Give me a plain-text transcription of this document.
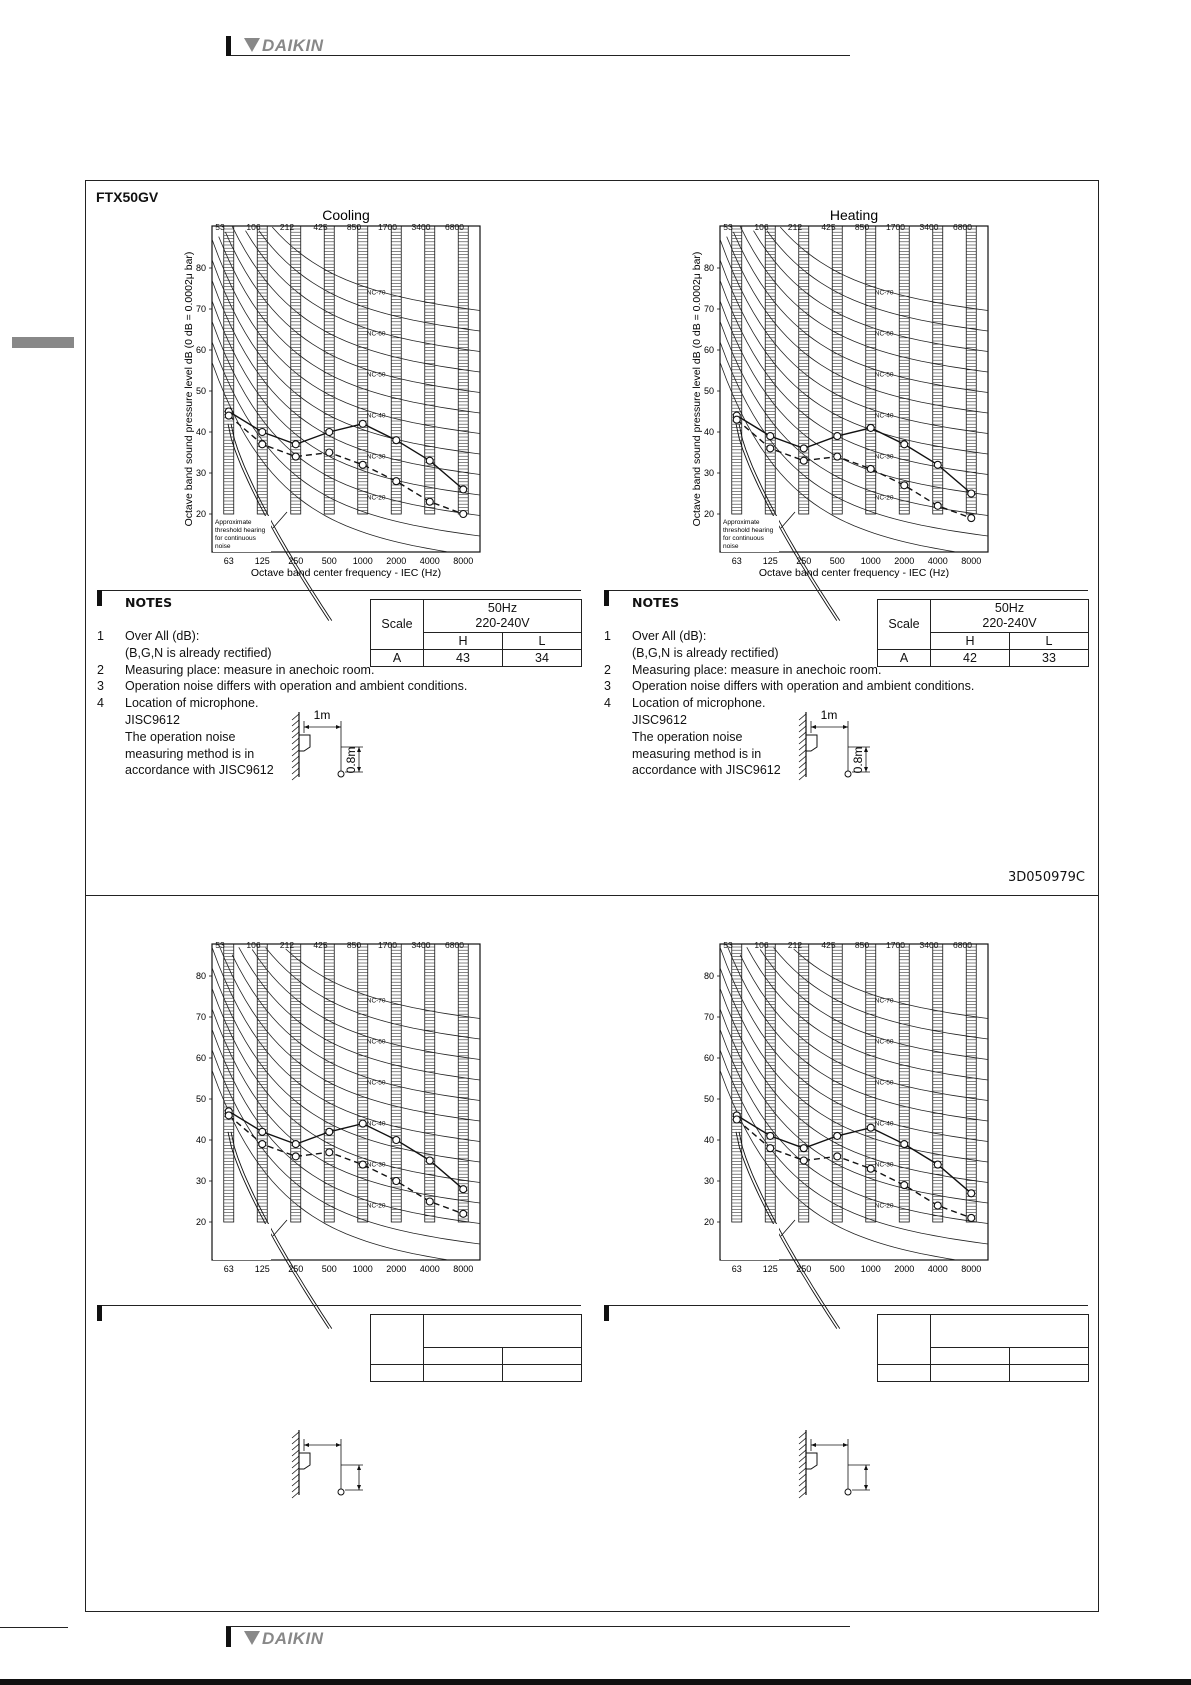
DAIKIN
FTX50GV
3D050979C
Cooling
53	106 212 425 850 1700 3400 6800
20
30
40
50
60
70
80
63 125 250 500 1000 2000 4000 8000
NC-70
NC-60
NC-50
NC-40
NC-30
NC-20
Approximate
threshold hearing
for continuous
noise
Octave band center frequency - IEC (Hz)
Octave band sound pressure level dB (0 dB = 0.0002μ bar)
Heating
53	106 212 425 850 1700 3400 6800
20
30
40
50
60
70
80
63 125 250 500 1000 2000 4000 8000
NC-70
NC-60
NC-50
NC-40
NC-30
NC-20
Approximate
threshold hearing
for continuous
noise
Octave band center frequency - IEC (Hz)
Octave band sound pressure level dB (0 dB = 0.0002μ bar)
53	106 212 425 850 1700 3400 6800
20
30
40
50
60
70
80
63 125 250 500 1000 2000 4000 8000
NC-70
NC-60
NC-50
NC-40
NC-30
NC-20
53	106 212 425 850 1700 3400 6800
20
30
40
50
60
70
80
63 125 250 500 1000 2000 4000 8000
NC-70
NC-60
NC-50
NC-40
NC-30
NC-20
Scale	50Hz
220-240V	

	H	L
A	43	34
NOTES
1 Over All (dB):
(B,G,N is already rectified)
2 Measuring place: measure in anechoic room.
3 Operation noise differs with operation and ambient conditions.
4 Location of microphone.
JISC9612
The operation noise
measuring method is in
accordance with JISC9612
1m
0.8m
Scale	50Hz
220-240V	

	H	L
A	42	33
NOTES
1 Over All (dB):
(B,G,N is already rectified)
2 Measuring place: measure in anechoic room.
3 Operation noise differs with operation and ambient conditions.
4 Location of microphone.
JISC9612
The operation noise
measuring method is in
accordance with JISC9612
1m
0.8m

DAIKIN
